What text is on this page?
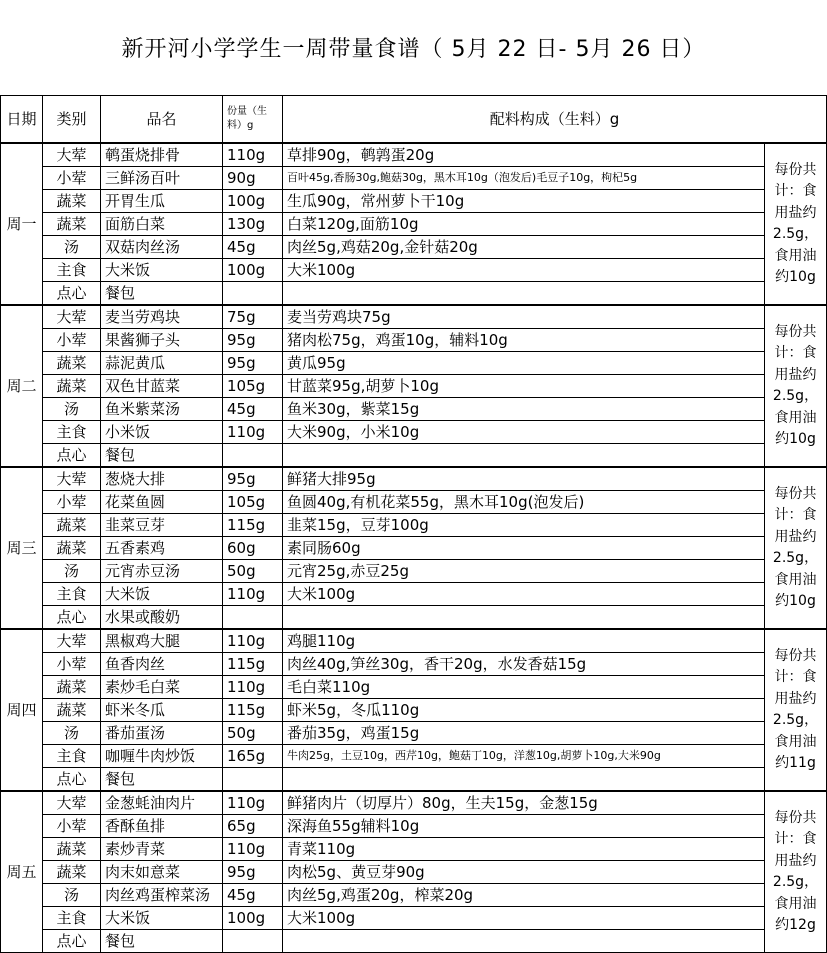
新开河小学学生一周带量食谱（ 5月 22 日- 5月 26 日）
日期	类别	品名	份量（生料）g	配料构成（生料）g	
周一	大荤	鹌蛋烧排骨	110g	草排90g，鹌鹑蛋20g	每份共计：食用盐约2.5g，食用油约10g
	小荤	三鲜汤百叶	90g	百叶45g,香肠30g,鲍菇30g，黑木耳10g（泡发后)毛豆子10g，枸杞5g	
	蔬菜	开胃生瓜	100g	生瓜90g，常州萝卜干10g	
	蔬菜	面筋白菜	130g	白菜120g,面筋10g	
	汤	双菇肉丝汤	45g	肉丝5g,鸡菇20g,金针菇20g	
	主食	大米饭	100g	大米100g	
	点心	餐包			
周二	大荤	麦当劳鸡块	75g	麦当劳鸡块75g	每份共计：食用盐约2.5g，食用油约10g
	小荤	果酱狮子头	95g	猪肉松75g，鸡蛋10g，辅料10g	
	蔬菜	蒜泥黄瓜	95g	黄瓜95g	
	蔬菜	双色甘蓝菜	105g	甘蓝菜95g,胡萝卜10g	
	汤	鱼米紫菜汤	45g	鱼米30g，紫菜15g	
	主食	小米饭	110g	大米90g，小米10g	
	点心	餐包			
周三	大荤	葱烧大排	95g	鲜猪大排95g	每份共计：食用盐约2.5g，食用油约10g
	小荤	花菜鱼圆	105g	鱼圆40g,有机花菜55g，黑木耳10g(泡发后)	
	蔬菜	韭菜豆芽	115g	韭菜15g，豆芽100g	
	蔬菜	五香素鸡	60g	素同肠60g	
	汤	元宵赤豆汤	50g	元宵25g,赤豆25g	
	主食	大米饭	110g	大米100g	
	点心	水果或酸奶			
周四	大荤	黑椒鸡大腿	110g	鸡腿110g	每份共计：食用盐约2.5g，食用油约11g
	小荤	鱼香肉丝	115g	肉丝40g,笋丝30g，香干20g，水发香菇15g	
	蔬菜	素炒毛白菜	110g	毛白菜110g	
	蔬菜	虾米冬瓜	115g	虾米5g，冬瓜110g	
	汤	番茄蛋汤	50g	番茄35g，鸡蛋15g	
	主食	咖喱牛肉炒饭	165g	牛肉25g，土豆10g，西芹10g，鲍菇丁10g，洋葱10g,胡萝卜10g,大米90g	
	点心	餐包			
周五	大荤	金葱蚝油肉片	110g	鲜猪肉片（切厚片）80g，生夫15g，金葱15g	每份共计：食用盐约2.5g，食用油约12g
	小荤	香酥鱼排	65g	深海鱼55g辅料10g	
	蔬菜	素炒青菜	110g	青菜110g	
	蔬菜	肉末如意菜	95g	肉松5g、黄豆芽90g	
	汤	肉丝鸡蛋榨菜汤	45g	肉丝5g,鸡蛋20g，榨菜20g	
	主食	大米饭	100g	大米100g	
	点心	餐包			
